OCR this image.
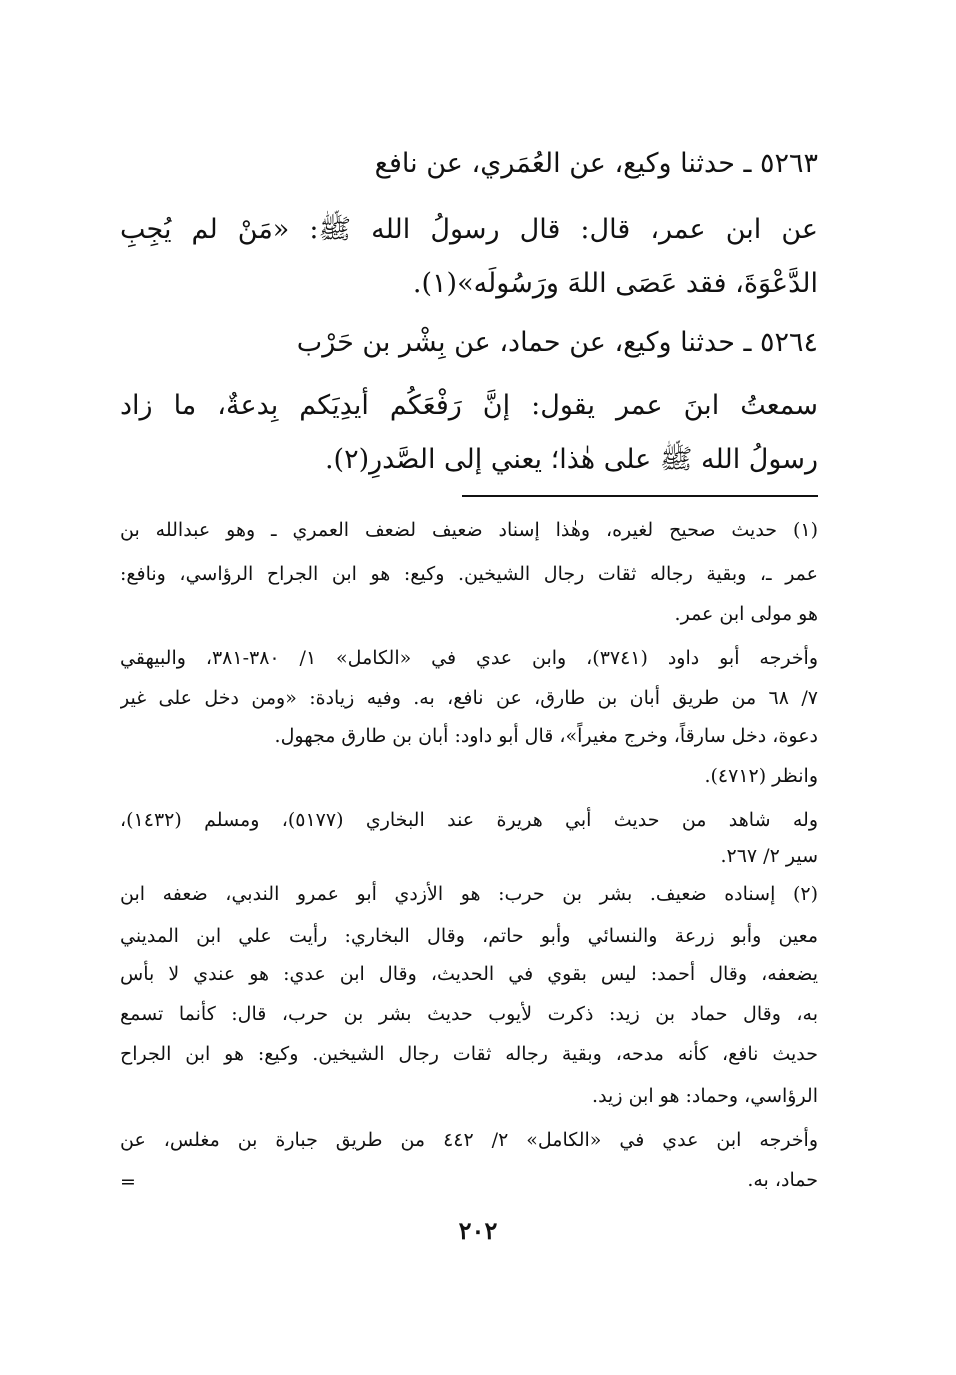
٥٢٦٣ ـ حدثنا وكيع، عن العُمَري، عن نافع
عن ابن عمر، قال: قال رسولُ الله ﷺ: «مَنْ لم يُجِبِ
الدَّعْوَةَ، فقد عَصَى اللهَ ورَسُولَه»(١).
٥٢٦٤ ـ حدثنا وكيع، عن حماد، عن بِشْر بن حَرْب
سمعتُ ابنَ عمر يقول: إنَّ رَفْعَكُم أَيدِيَكم بِدعةٌ، ما زاد
رسولُ الله ﷺ على هٰذا؛ يعني إلى الصَّدرِ(٢).
(١) حديث صحيح لغيره، وهٰذا إسناد ضعيف لضعف العمري ـ وهو عبدالله بن
عمر ـ، وبقية رجاله ثقات رجال الشيخين. وكيع: هو ابن الجراح الرؤاسي، ونافع:
هو مولى ابن عمر.
وأخرجه أبو داود (٣٧٤١)، وابن عدي في «الكامل» ١/ ٣٨٠-٣٨١، والبيهقي
٧/ ٦٨ من طريق أبان بن طارق، عن نافع، به. وفيه زيادة: «ومن دخل على غير
دعوة، دخل سارقاً، وخرج مغيراً»، قال أبو داود: أبان بن طارق مجهول.
وانظر (٤٧١٢).
وله شاهد من حديث أبي هريرة عند البخاري (٥١٧٧)، ومسلم (١٤٣٢)،
سير ٢/ ٢٦٧.
(٢) إسناده ضعيف. بشر بن حرب: هو الأزدي أبو عمرو الندبي، ضعفه ابن
معين وأبو زرعة والنسائي وأبو حاتم، وقال البخاري: رأيت علي ابن المديني
يضعفه، وقال أحمد: ليس بقوي في الحديث، وقال ابن عدي: هو عندي لا بأس
به، وقال حماد بن زيد: ذكرت لأيوب حديث بشر بن حرب، قال: كأنما تسمع
حديث نافع، كأنه مدحه، وبقية رجاله ثقات رجال الشيخين. وكيع: هو ابن الجراح
الرؤاسي، وحماد: هو ابن زيد.
وأخرجه ابن عدي في «الكامل» ٢/ ٤٤٢ من طريق جبارة بن مغلس، عن
حماد، به.
=
٢٠٢
